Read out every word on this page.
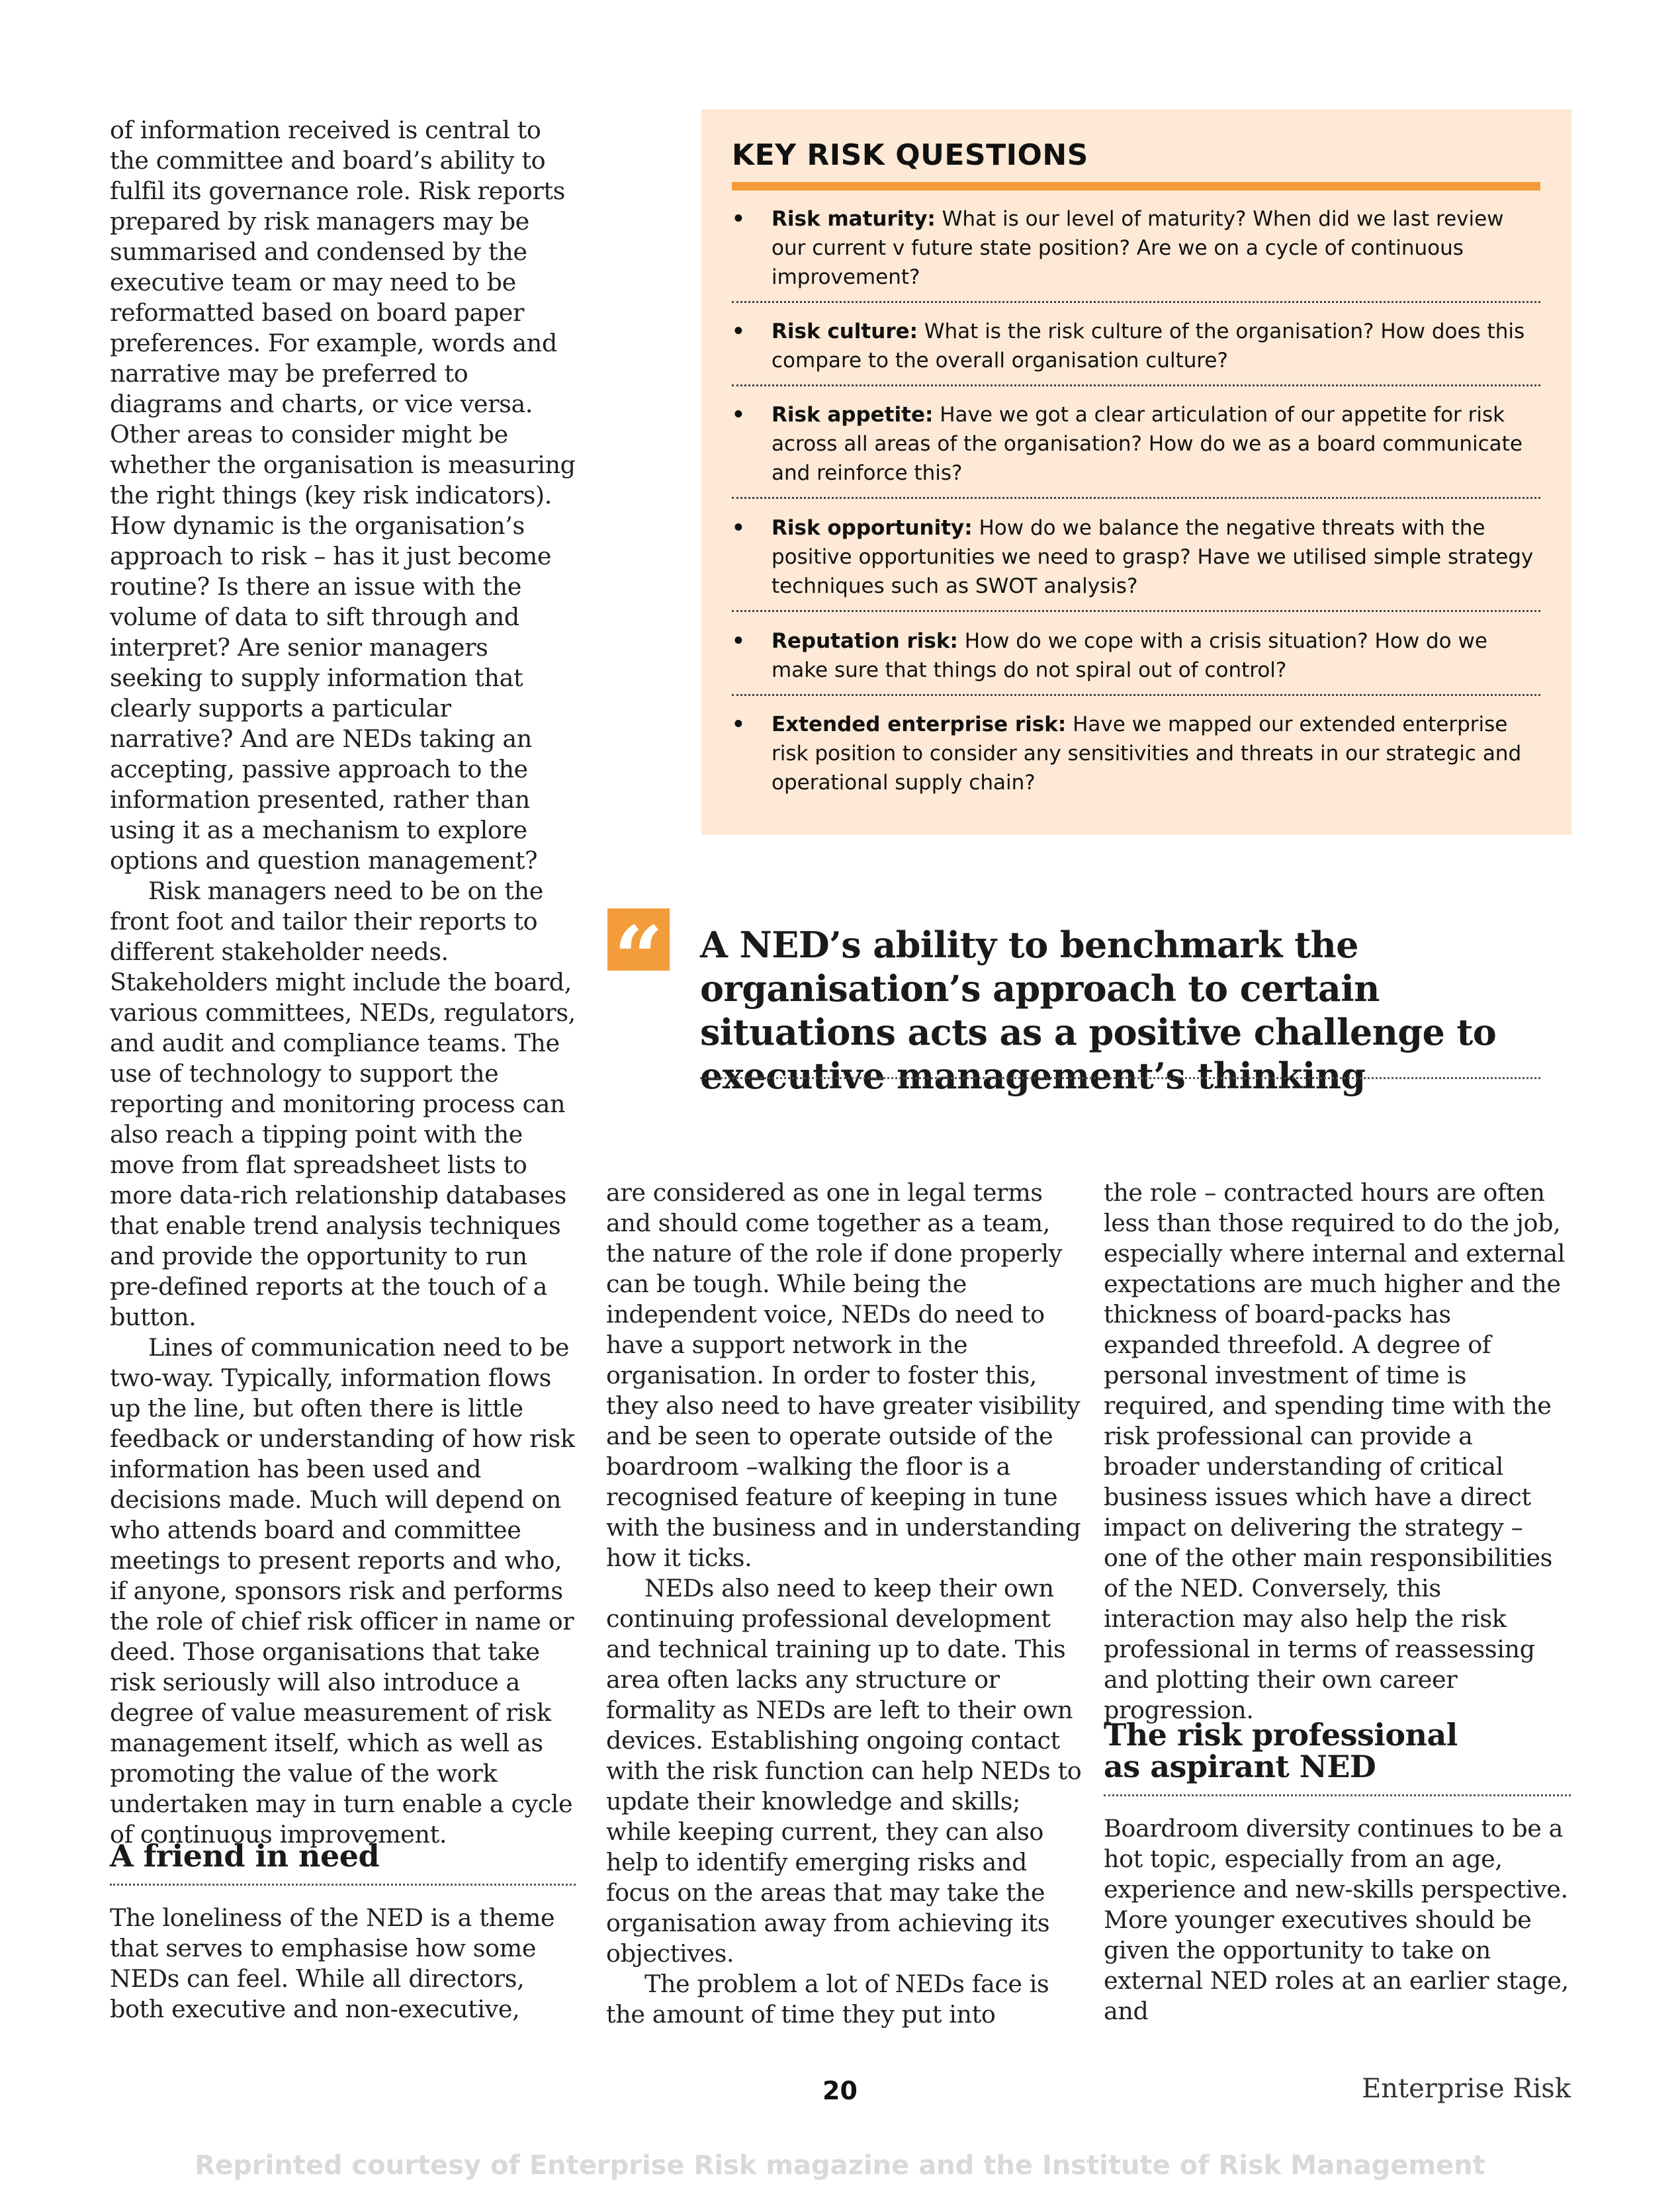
of information received is central to the committee and board’s ability to fulfil its governance role. Risk reports prepared by risk managers may be summarised and condensed by the executive team or may need to be reformatted based on board paper preferences. For example, words and narrative may be preferred to diagrams and charts, or vice versa. Other areas to consider might be whether the organisation is measuring the right things (key risk indicators). How dynamic is the organisation’s approach to risk – has it just become routine? Is there an issue with the volume of data to sift through and interpret? Are senior managers seeking to supply information that clearly supports a particular narrative? And are NEDs taking an accepting, passive approach to the information presented, rather than using it as a mechanism to explore options and question management?

Risk managers need to be on the front foot and tailor their reports to different stakeholder needs. Stakeholders might include the board, various committees, NEDs, regulators, and audit and compliance teams. The use of technology to support the reporting and monitoring process can also reach a tipping point with the move from flat spreadsheet lists to more data-rich relationship databases that enable trend analysis techniques and provide the opportunity to run pre-defined reports at the touch of a button.

Lines of communication need to be two-way. Typically, information flows up the line, but often there is little feedback or understanding of how risk information has been used and decisions made. Much will depend on who attends board and committee meetings to present reports and who, if anyone, sponsors risk and performs the role of chief risk officer in name or deed. Those organisations that take risk seriously will also introduce a degree of value measurement of risk management itself, which as well as promoting the value of the work undertaken may in turn enable a cycle of continuous improvement.

A friend in need

The loneliness of the NED is a theme that serves to emphasise how some NEDs can feel. While all directors, both executive and non-executive,

KEY RISK QUESTIONS
• Risk maturity: What is our level of maturity? When did we last review our current v future state position? Are we on a cycle of continuous improvement?
• Risk culture: What is the risk culture of the organisation? How does this compare to the overall organisation culture?
• Risk appetite: Have we got a clear articulation of our appetite for risk across all areas of the organisation? How do we as a board communicate and reinforce this?
• Risk opportunity: How do we balance the negative threats with the positive opportunities we need to grasp? Have we utilised simple strategy techniques such as SWOT analysis?
• Reputation risk: How do we cope with a crisis situation? How do we make sure that things do not spiral out of control?
• Extended enterprise risk: Have we mapped our extended enterprise risk position to consider any sensitivities and threats in our strategic and operational supply chain?
“ A NED’s ability to benchmark the organisation’s approach to certain situations acts as a positive challenge to executive management’s thinking

are considered as one in legal terms and should come together as a team, the nature of the role if done properly can be tough. While being the independent voice, NEDs do need to have a support network in the organisation. In order to foster this, they also need to have greater visibility and be seen to operate outside of the boardroom –walking the floor is a recognised feature of keeping in tune with the business and in understanding how it ticks.

NEDs also need to keep their own continuing professional development and technical training up to date. This area often lacks any structure or formality as NEDs are left to their own devices. Establishing ongoing contact with the risk function can help NEDs to update their knowledge and skills; while keeping current, they can also help to identify emerging risks and focus on the areas that may take the organisation away from achieving its objectives.

The problem a lot of NEDs face is the amount of time they put into

the role – contracted hours are often less than those required to do the job, especially where internal and external expectations are much higher and the thickness of board-packs has expanded threefold. A degree of personal investment of time is required, and spending time with the risk professional can provide a broader understanding of critical business issues which have a direct impact on delivering the strategy – one of the other main responsibilities of the NED. Conversely, this interaction may also help the risk professional in terms of reassessing and plotting their own career progression.

The risk professional as aspirant NED

Boardroom diversity continues to be a hot topic, especially from an age, experience and new-skills perspective. More younger executives should be given the opportunity to take on external NED roles at an earlier stage, and

20	Enterprise Risk
Reprinted courtesy of Enterprise Risk magazine and the Institute of Risk Management
